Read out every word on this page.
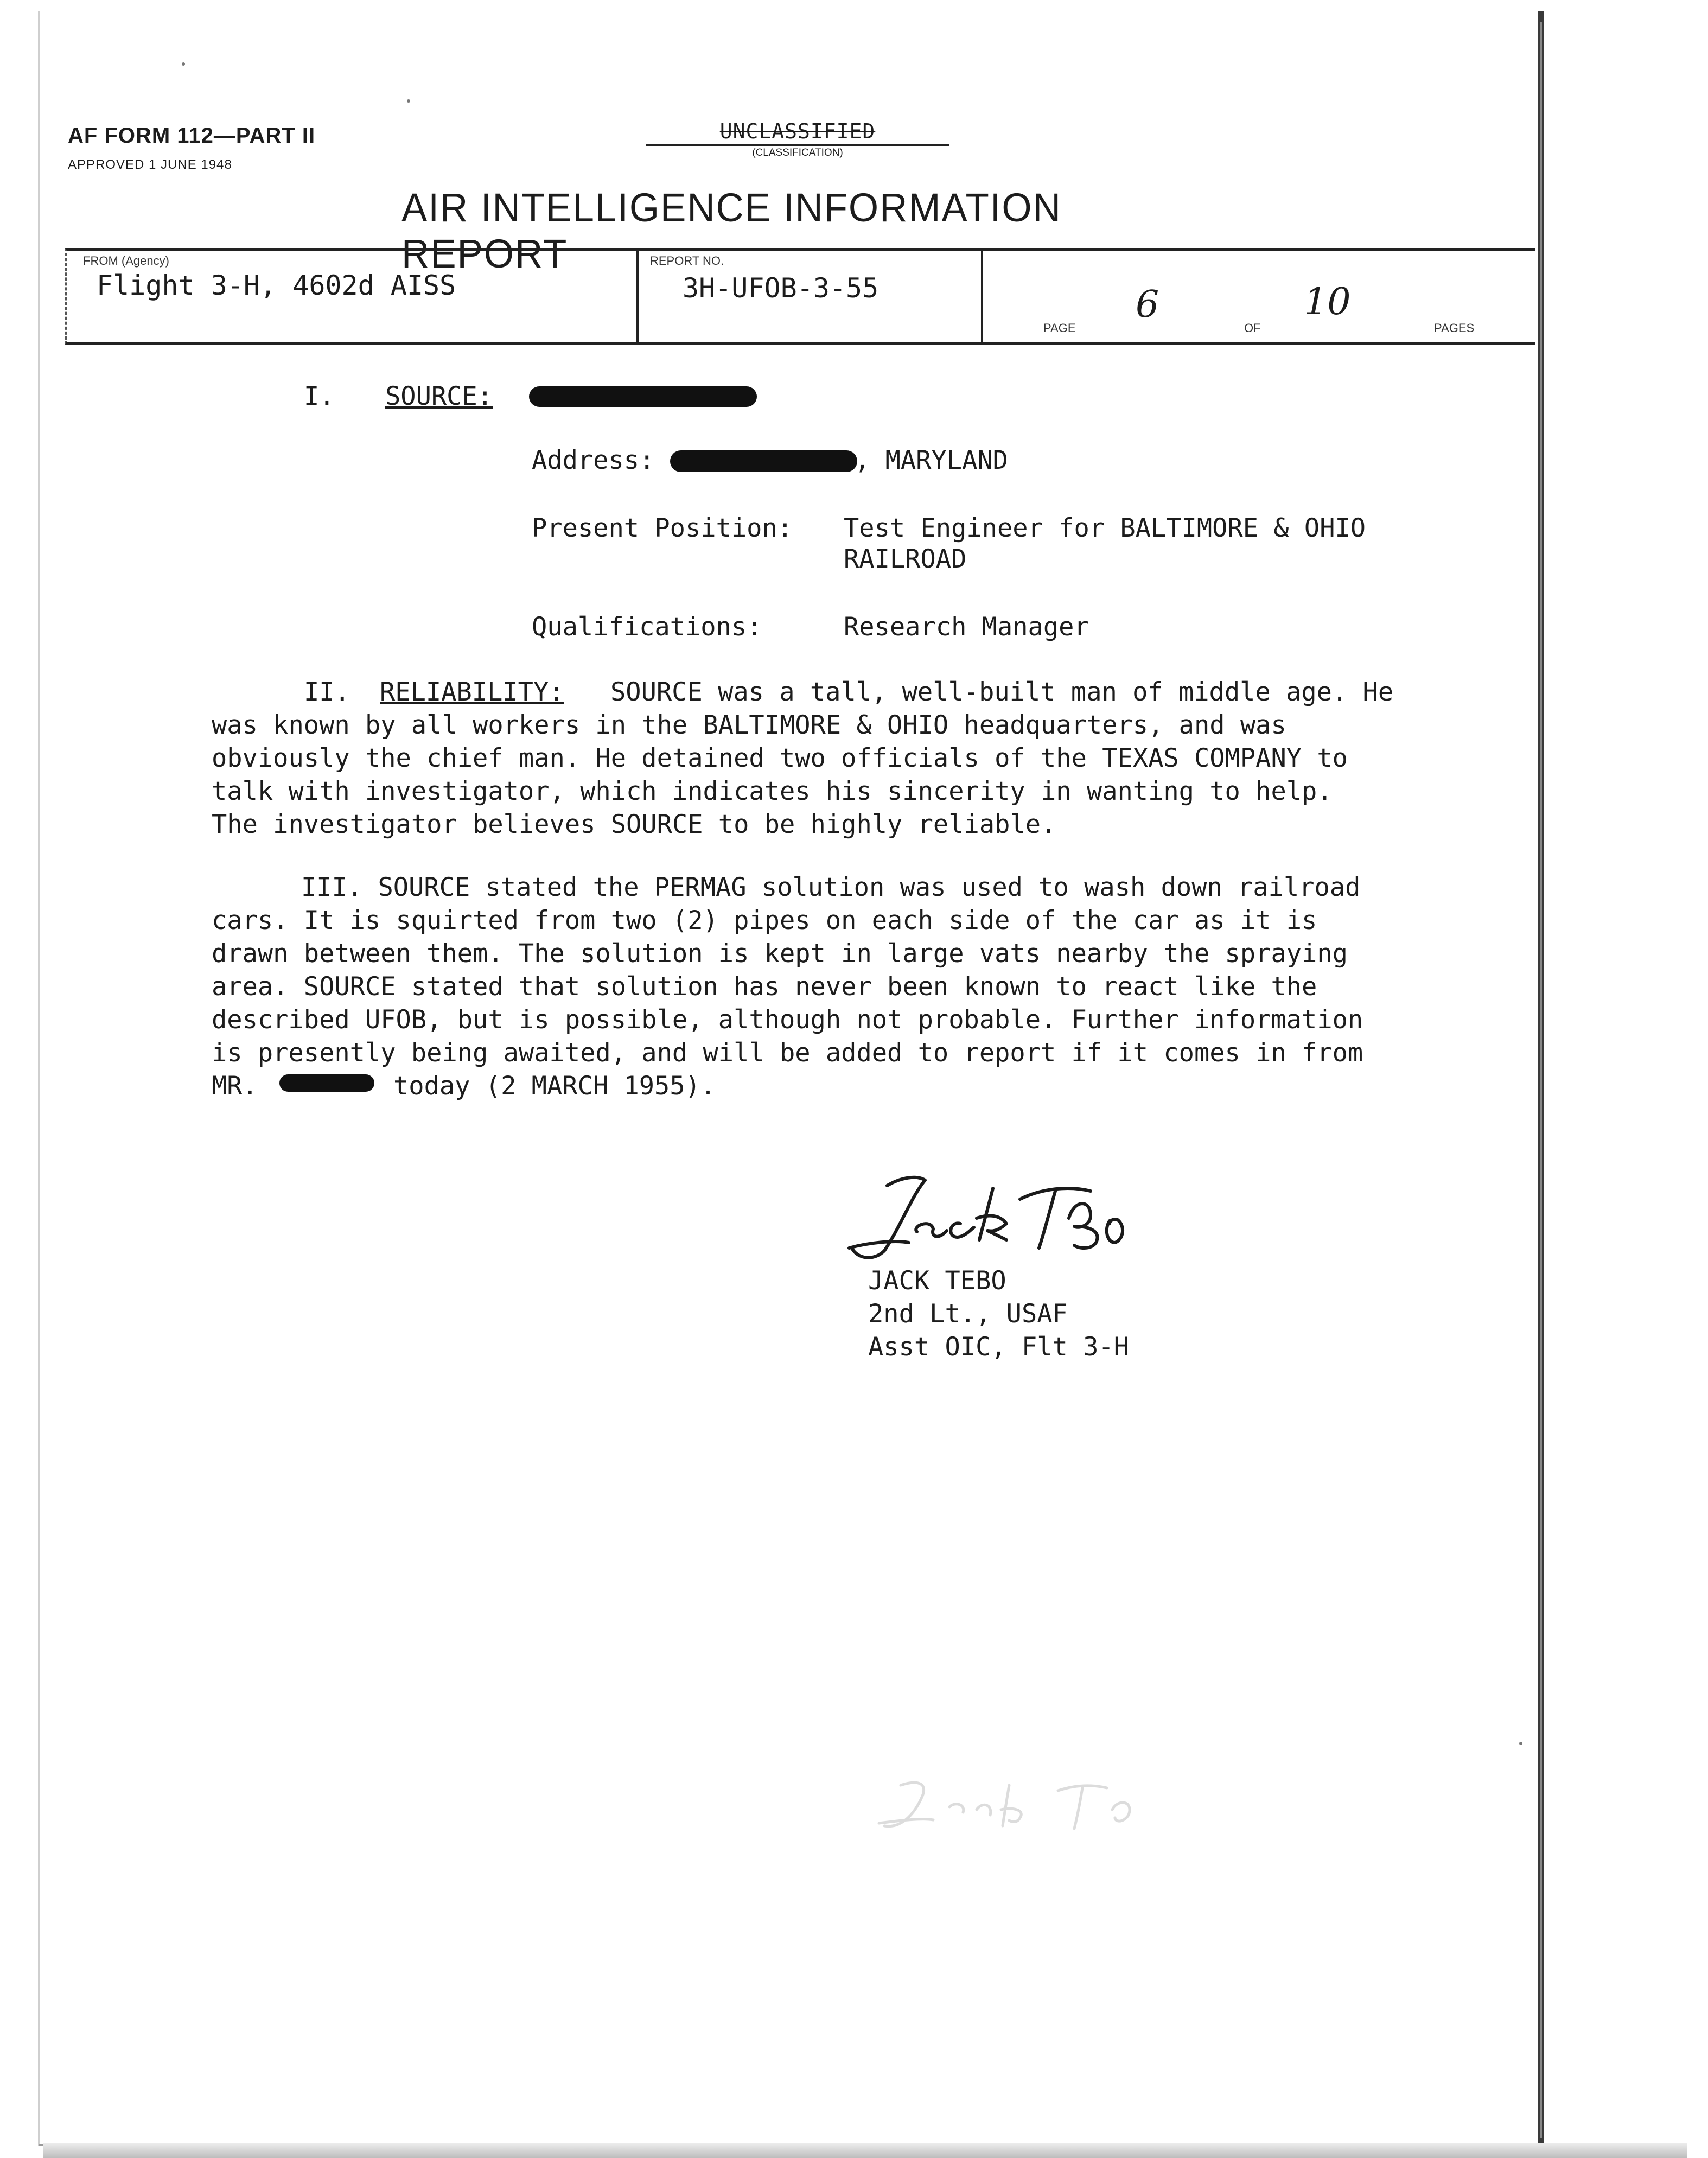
AF FORM 112—PART II
APPROVED 1 JUNE 1948
UNCLASSIFIED
(CLASSIFICATION)
AIR INTELLIGENCE INFORMATION REPORT
FROM (Agency)
Flight 3-H, 4602d AISS
REPORT NO.
3H-UFOB-3-55
PAGE
6
OF
10
PAGES
I. SOURCE:
Address:	, MARYLAND
Present Position: Test Engineer for BALTIMORE & OHIO
RAILROAD
Qualifications:	Research Manager
II. RELIABILITY: SOURCE was a tall, well-built man of middle age. He
was known by all workers in the BALTIMORE & OHIO headquarters, and was
obviously the chief man. He detained two officials of the TEXAS COMPANY to
talk with investigator, which indicates his sincerity in wanting to help.
The investigator believes SOURCE to be highly reliable.
III. SOURCE stated the PERMAG solution was used to wash down railroad
cars. It is squirted from two (2) pipes on each side of the car as it is
drawn between them. The solution is kept in large vats nearby the spraying
area. SOURCE stated that solution has never been known to react like the
described UFOB, but is possible, although not probable. Further information
is presently being awaited, and will be added to report if it comes in from
MR.	today (2 MARCH 1955).
JACK TEBO
2nd Lt., USAF
Asst OIC, Flt 3-H
